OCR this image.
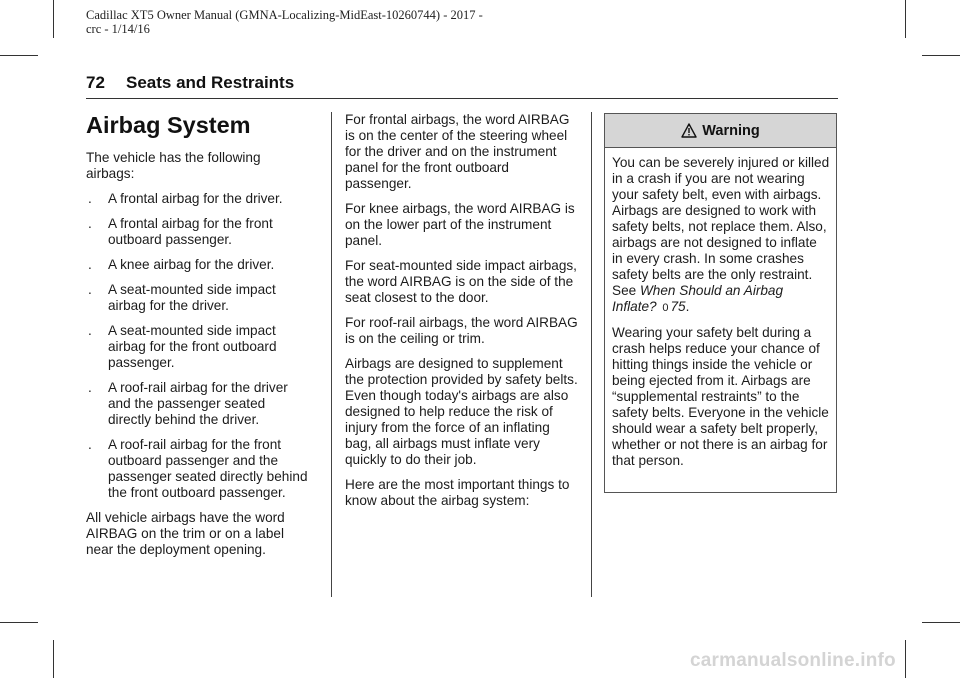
Cadillac XT5 Owner Manual (GMNA-Localizing-MidEast-10260744) - 2017 -
crc - 1/14/16
72 Seats and Restraints
Airbag System

The vehicle has the following airbags:

. A frontal airbag for the driver.
. A frontal airbag for the front outboard passenger.
. A knee airbag for the driver.
. A seat-mounted side impact airbag for the driver.
. A seat-mounted side impact airbag for the front outboard passenger.
. A roof-rail airbag for the driver and the passenger seated directly behind the driver.
. A roof-rail airbag for the front outboard passenger and the passenger seated directly behind the front outboard passenger.

All vehicle airbags have the word AIRBAG on the trim or on a label near the deployment opening.

For frontal airbags, the word AIRBAG is on the center of the steering wheel for the driver and on the instrument panel for the front outboard passenger.

For knee airbags, the word AIRBAG is on the lower part of the instrument panel.

For seat-mounted side impact airbags, the word AIRBAG is on the side of the seat closest to the door.

For roof-rail airbags, the word AIRBAG is on the ceiling or trim.

Airbags are designed to supplement the protection provided by safety belts. Even though today's airbags are also designed to help reduce the risk of injury from the force of an inflating bag, all airbags must inflate very quickly to do their job.

Here are the most important things to know about the airbag system:

Warning

You can be severely injured or killed in a crash if you are not wearing your safety belt, even with airbags. Airbags are designed to work with safety belts, not replace them. Also, airbags are not designed to inflate in every crash. In some crashes safety belts are the only restraint. See When Should an Airbag Inflate? 0 75.

Wearing your safety belt during a crash helps reduce your chance of hitting things inside the vehicle or being ejected from it. Airbags are “supplemental restraints” to the safety belts. Everyone in the vehicle should wear a safety belt properly, whether or not there is an airbag for that person.

carmanualsonline.info
